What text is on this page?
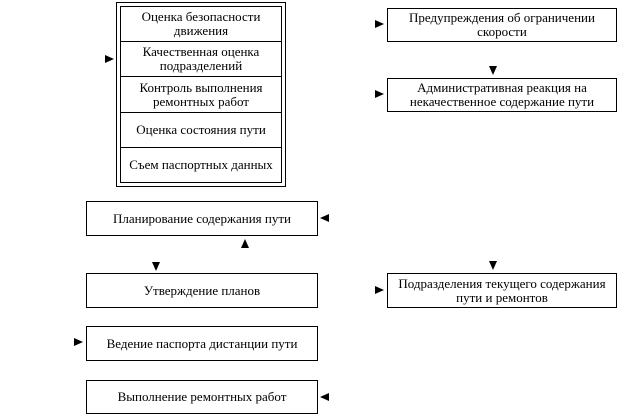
Оценка безопасности движения
Качественная оценка подразделений
Контроль выполнения ремонтных работ
Оценка состояния пути
Съем паспортных данных
Предупреждения об ограничении скорости
Административная реакция на некачественное содержание пути
Подразделения текущего содержания пути и ремонтов
Планирование содержания пути
Утверждение планов
Ведение паспорта дистанции пути
Выполнение ремонтных работ
